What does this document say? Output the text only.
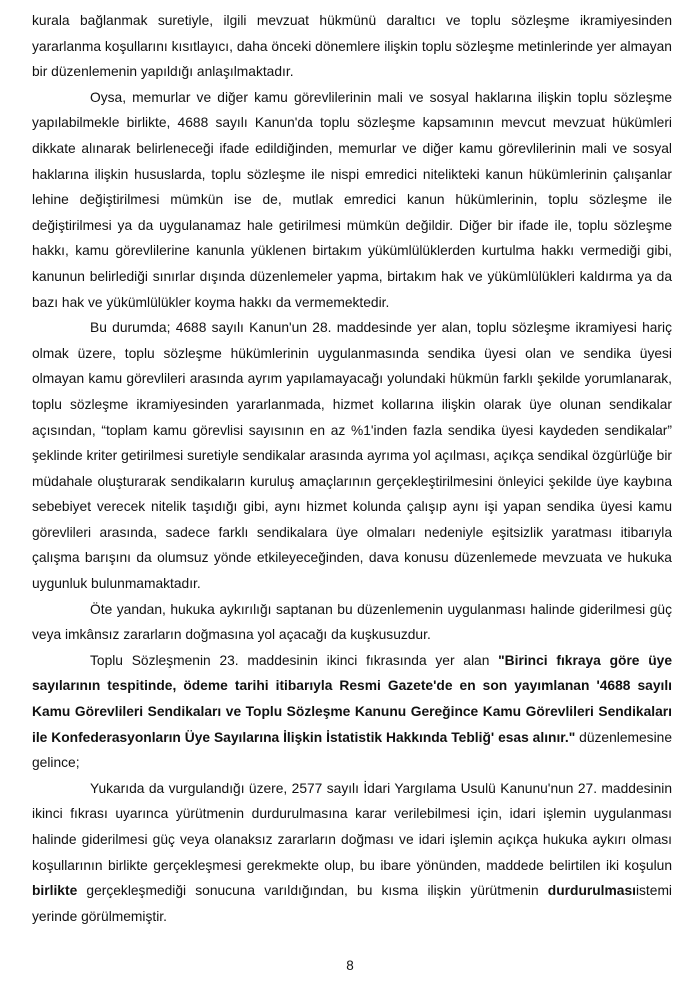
kurala bağlanmak suretiyle, ilgili mevzuat hükmünü daraltıcı ve toplu sözleşme ikramiyesinden yararlanma koşullarını kısıtlayıcı, daha önceki dönemlere ilişkin toplu sözleşme metinlerinde yer almayan bir düzenlemenin yapıldığı anlaşılmaktadır.

Oysa, memurlar ve diğer kamu görevlilerinin mali ve sosyal haklarına ilişkin toplu sözleşme yapılabilmekle birlikte, 4688 sayılı Kanun'da toplu sözleşme kapsamının mevcut mevzuat hükümleri dikkate alınarak belirleneceği ifade edildiğinden, memurlar ve diğer kamu görevlilerinin mali ve sosyal haklarına ilişkin hususlarda, toplu sözleşme ile nispi emredici nitelikteki kanun hükümlerinin çalışanlar lehine değiştirilmesi mümkün ise de, mutlak emredici kanun hükümlerinin, toplu sözleşme ile değiştirilmesi ya da uygulanamaz hale getirilmesi mümkün değildir. Diğer bir ifade ile, toplu sözleşme hakkı, kamu görevlilerine kanunla yüklenen birtakım yükümlülüklerden kurtulma hakkı vermediği gibi, kanunun belirlediği sınırlar dışında düzenlemeler yapma, birtakım hak ve yükümlülükleri kaldırma ya da bazı hak ve yükümlülükler koyma hakkı da vermemektedir.

Bu durumda; 4688 sayılı Kanun'un 28. maddesinde yer alan, toplu sözleşme ikramiyesi hariç olmak üzere, toplu sözleşme hükümlerinin uygulanmasında sendika üyesi olan ve sendika üyesi olmayan kamu görevlileri arasında ayrım yapılamayacağı yolundaki hükmün farklı şekilde yorumlanarak, toplu sözleşme ikramiyesinden yararlanmada, hizmet kollarına ilişkin olarak üye olunan sendikalar açısından, “toplam kamu görevlisi sayısının en az %1'inden fazla sendika üyesi kaydeden sendikalar” şeklinde kriter getirilmesi suretiyle sendikalar arasında ayrıma yol açılması, açıkça sendikal özgürlüğe bir müdahale oluşturarak sendikaların kuruluş amaçlarının gerçekleştirilmesini önleyici şekilde üye kaybına sebebiyet verecek nitelik taşıdığı gibi, aynı hizmet kolunda çalışıp aynı işi yapan sendika üyesi kamu görevlileri arasında, sadece farklı sendikalara üye olmaları nedeniyle eşitsizlik yaratması itibarıyla çalışma barışını da olumsuz yönde etkileyeceğinden, dava konusu düzenlemede mevzuata ve hukuka uygunluk bulunmamaktadır.

Öte yandan, hukuka aykırılığı saptanan bu düzenlemenin uygulanması halinde giderilmesi güç veya imkânsız zararların doğmasına yol açacağı da kuşkusuzdur.

Toplu Sözleşmenin 23. maddesinin ikinci fıkrasında yer alan "Birinci fıkraya göre üye sayılarının tespitinde, ödeme tarihi itibarıyla Resmi Gazete'de en son yayımlanan '4688 sayılı Kamu Görevlileri Sendikaları ve Toplu Sözleşme Kanunu Gereğince Kamu Görevlileri Sendikaları ile Konfederasyonların Üye Sayılarına İlişkin İstatistik Hakkında Tebliğ' esas alınır." düzenlemesine gelince;

Yukarıda da vurgulandığı üzere, 2577 sayılı İdari Yargılama Usulü Kanunu'nun 27. maddesinin ikinci fıkrası uyarınca yürütmenin durdurulmasına karar verilebilmesi için, idari işlemin uygulanması halinde giderilmesi güç veya olanaksız zararların doğması ve idari işlemin açıkça hukuka aykırı olması koşullarının birlikte gerçekleşmesi gerekmekte olup, bu ibare yönünden, maddede belirtilen iki koşulun birlikte gerçekleşmediği sonucuna varıldığından, bu kısma ilişkin yürütmenin durdurulmasıistemi yerinde görülmemiştir.

8
